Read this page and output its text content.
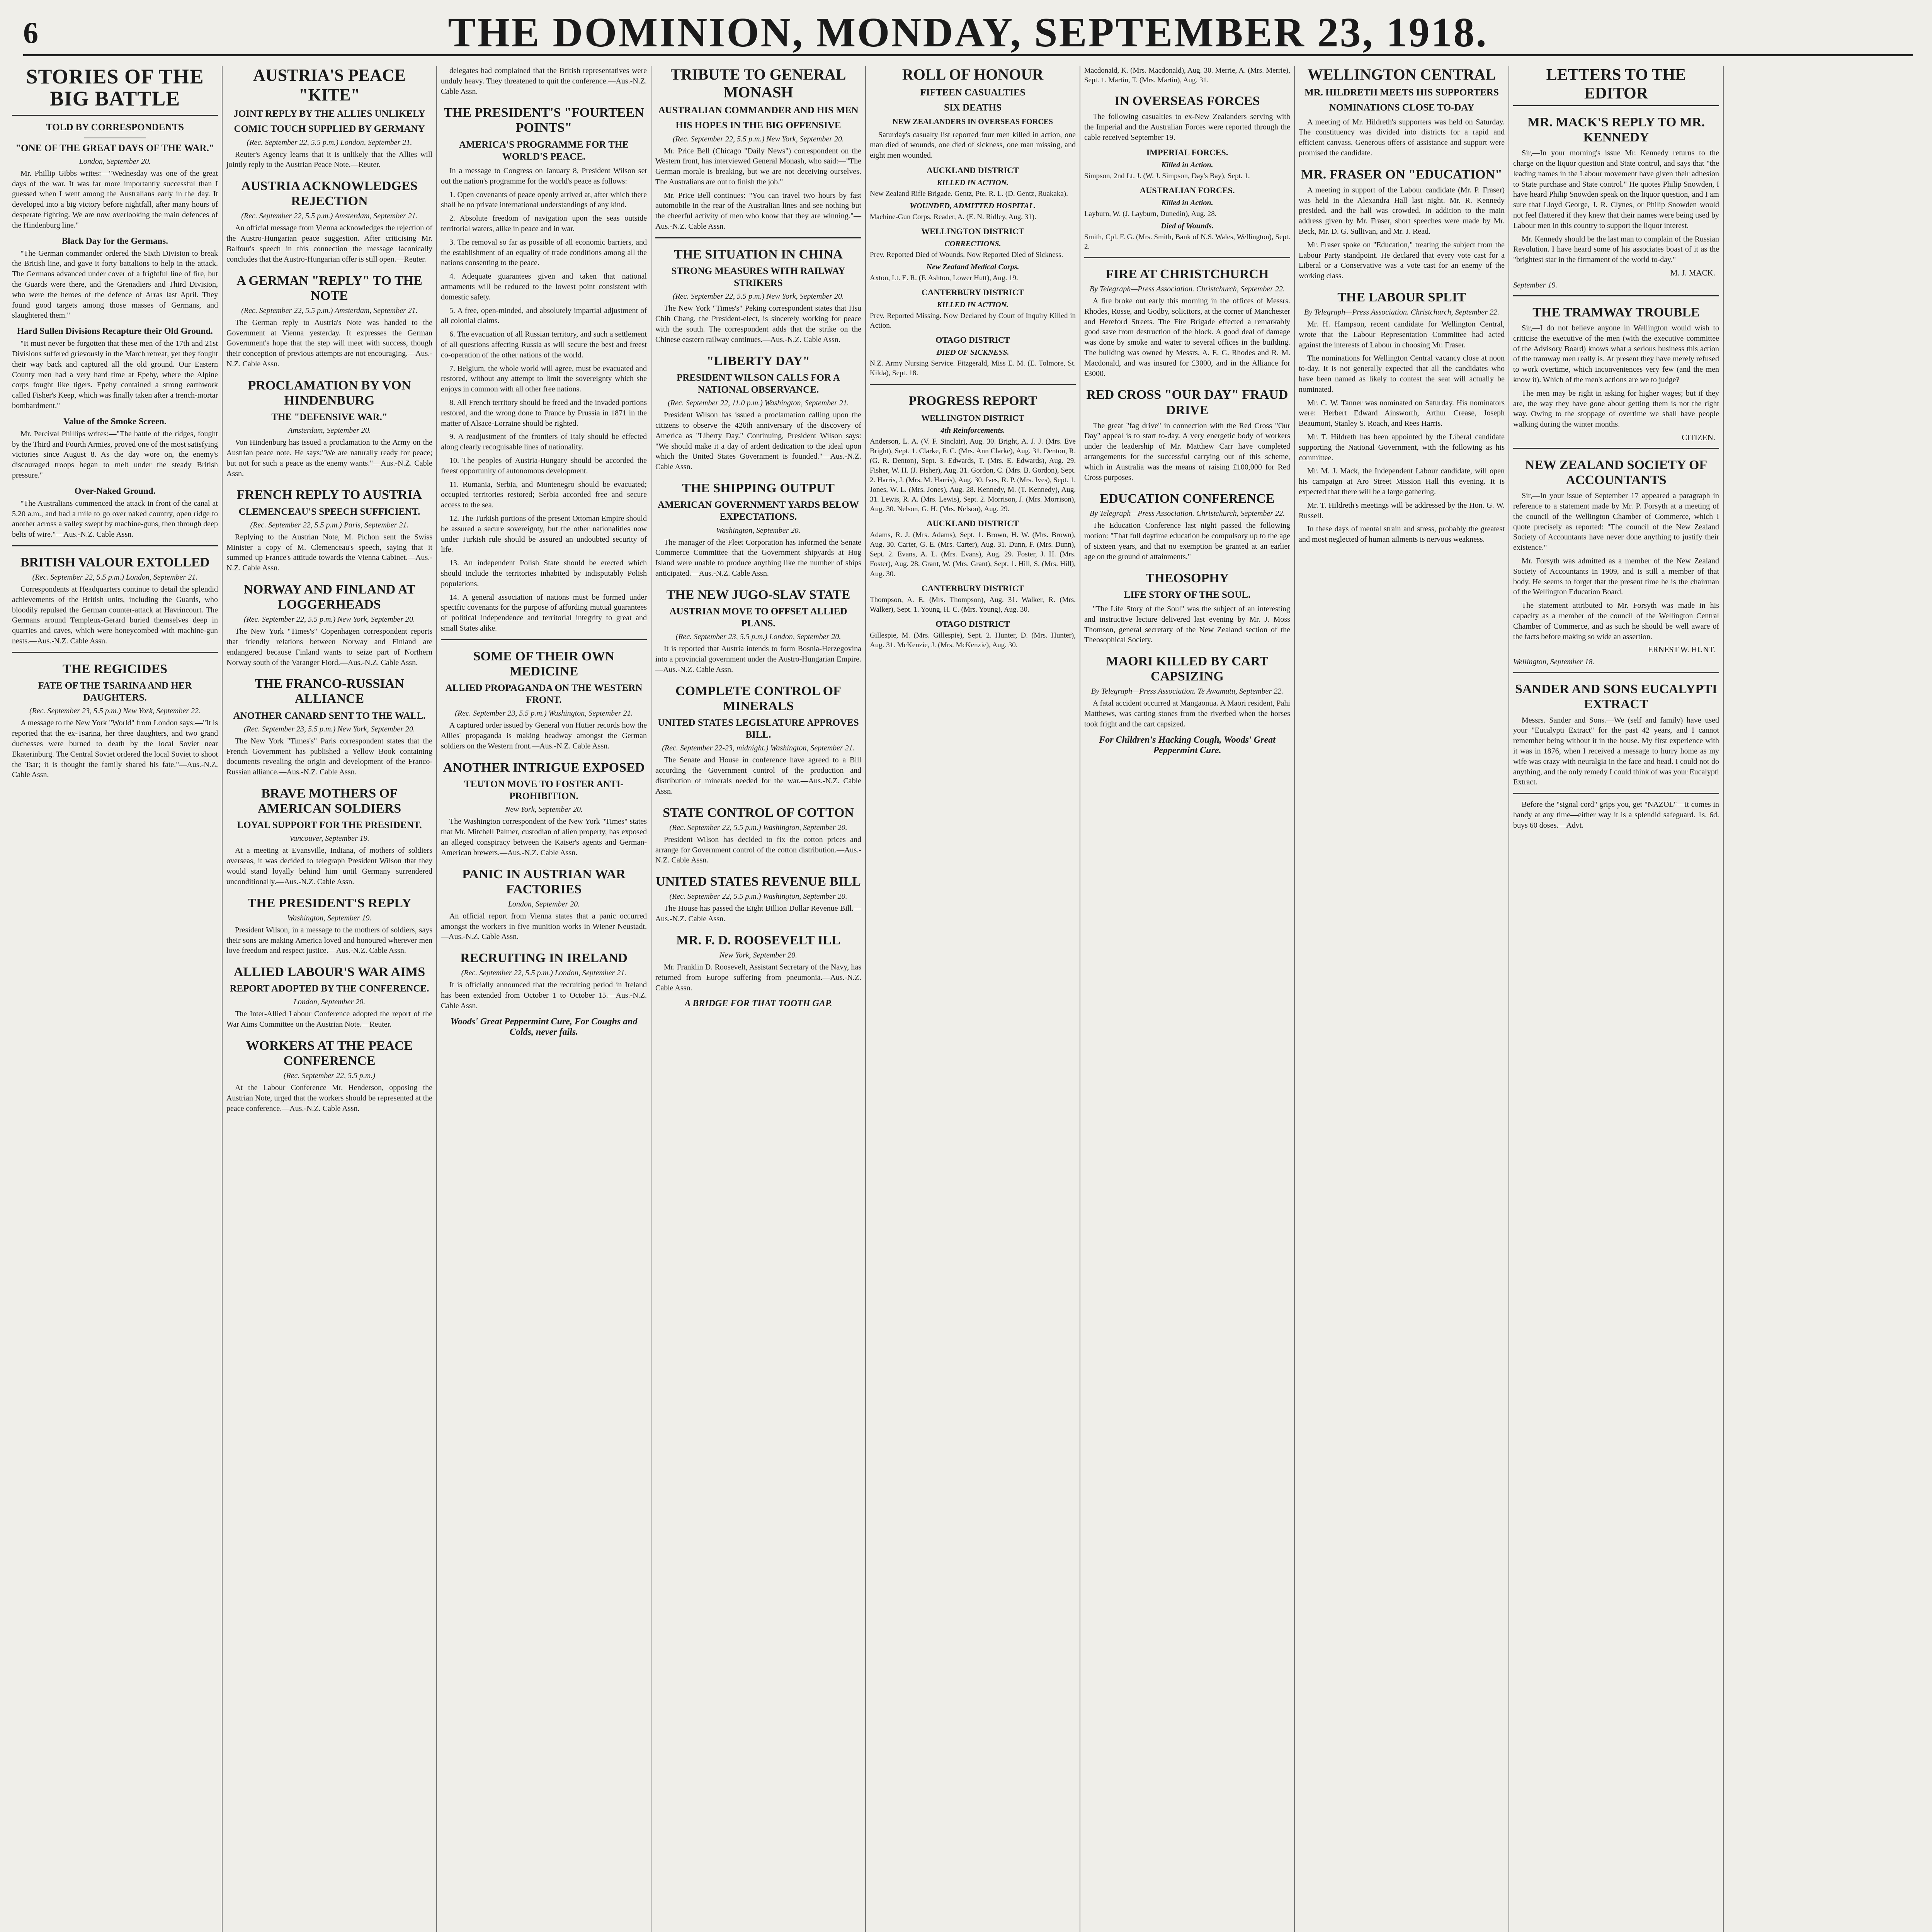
6	THE DOMINION, MONDAY, SEPTEMBER 23, 1918.
STORIES OF THE BIG BATTLE
TOLD BY CORRESPONDENTS
"ONE OF THE GREAT DAYS OF THE WAR."
London, September 20.

Mr. Phillip Gibbs writes:—"Wednesday was one of the great days of the war. It was far more importantly successful than I guessed when I went among the Australians early in the day. It developed into a big victory before nightfall, after many hours of desperate fighting. We are now overlooking the main defences of the Hindenburg line."

Black Day for the Germans.

"The German commander ordered the Sixth Division to break the British line, and gave it forty battalions to help in the attack. The Germans advanced under cover of a frightful line of fire, but the Guards were there, and the Grenadiers and Third Division, who were the heroes of the defence of Arras last April. They found good targets among those masses of Germans, and slaughtered them."

Hard Sullen Divisions Recapture their Old Ground.

"It must never be forgotten that these men of the 17th and 21st Divisions suffered grievously in the March retreat, yet they fought their way back and captured all the old ground. Our Eastern County men had a very hard time at Epehy, where the Alpine corps fought like tigers. Epehy contained a strong earthwork called Fisher's Keep, which was finally taken after a trench-mortar bombardment."

Value of the Smoke Screen.

Mr. Percival Phillips writes:—"The battle of the ridges, fought by the Third and Fourth Armies, proved one of the most satisfying victories since August 8. As the day wore on, the enemy's discouraged troops began to melt under the steady British pressure."

Over-Naked Ground.

"The Australians commenced the attack in front of the canal at 5.20 a.m., and had a mile to go over naked country, open ridge to another across a valley swept by machine-guns, then through deep belts of wire."—Aus.-N.Z. Cable Assn.

BRITISH VALOUR EXTOLLED
(Rec. September 22, 5.5 p.m.) London, September 21.

Correspondents at Headquarters continue to detail the splendid achievements of the British units, including the Guards, who bloodily repulsed the German counter-attack at Havrincourt. The Germans around Templeux-Gerard buried themselves deep in quarries and caves, which were honeycombed with machine-gun nests.—Aus.-N.Z. Cable Assn.

THE REGICIDES
FATE OF THE TSARINA AND HER DAUGHTERS.
(Rec. September 23, 5.5 p.m.) New York, September 22.

A message to the New York "World" from London says:—"It is reported that the ex-Tsarina, her three daughters, and two grand duchesses were burned to death by the local Soviet near Ekaterinburg. The Central Soviet ordered the local Soviet to shoot the Tsar; it is thought the family shared his fate."—Aus.-N.Z. Cable Assn.

AUSTRIA'S PEACE "KITE"
JOINT REPLY BY THE ALLIES UNLIKELY
COMIC TOUCH SUPPLIED BY GERMANY
(Rec. September 22, 5.5 p.m.) London, September 21.

Reuter's Agency learns that it is unlikely that the Allies will jointly reply to the Austrian Peace Note.—Reuter.

AUSTRIA ACKNOWLEDGES REJECTION
(Rec. September 22, 5.5 p.m.) Amsterdam, September 21.

An official message from Vienna acknowledges the rejection of the Austro-Hungarian peace suggestion. After criticising Mr. Balfour's speech in this connection the message laconically concludes that the Austro-Hungarian offer is still open.—Reuter.

A GERMAN "REPLY" TO THE NOTE
(Rec. September 22, 5.5 p.m.) Amsterdam, September 21.

The German reply to Austria's Note was handed to the Government at Vienna yesterday. It expresses the German Government's hope that the step will meet with success, though their conception of previous attempts are not encouraging.—Aus.-N.Z. Cable Assn.

PROCLAMATION BY VON HINDENBURG
THE "DEFENSIVE WAR."
Amsterdam, September 20.

Von Hindenburg has issued a proclamation to the Army on the Austrian peace note. He says:"We are naturally ready for peace; but not for such a peace as the enemy wants."—Aus.-N.Z. Cable Assn.

FRENCH REPLY TO AUSTRIA
CLEMENCEAU'S SPEECH SUFFICIENT.
(Rec. September 22, 5.5 p.m.) Paris, September 21.

Replying to the Austrian Note, M. Pichon sent the Swiss Minister a copy of M. Clemenceau's speech, saying that it summed up France's attitude towards the Vienna Cabinet.—Aus.-N.Z. Cable Assn.

NORWAY AND FINLAND AT LOGGERHEADS
(Rec. September 22, 5.5 p.m.) New York, September 20.

The New York "Times's" Copenhagen correspondent reports that friendly relations between Norway and Finland are endangered because Finland wants to seize part of Northern Norway south of the Varanger Fiord.—Aus.-N.Z. Cable Assn.

THE FRANCO-RUSSIAN ALLIANCE
ANOTHER CANARD SENT TO THE WALL.
(Rec. September 23, 5.5 p.m.) New York, September 20.

The New York "Times's" Paris correspondent states that the French Government has published a Yellow Book containing documents revealing the origin and development of the Franco-Russian alliance.—Aus.-N.Z. Cable Assn.

BRAVE MOTHERS OF AMERICAN SOLDIERS
LOYAL SUPPORT FOR THE PRESIDENT.
Vancouver, September 19.

At a meeting at Evansville, Indiana, of mothers of soldiers overseas, it was decided to telegraph President Wilson that they would stand loyally behind him until Germany surrendered unconditionally.—Aus.-N.Z. Cable Assn.

THE PRESIDENT'S REPLY
Washington, September 19.

President Wilson, in a message to the mothers of soldiers, says their sons are making America loved and honoured wherever men love freedom and respect justice.—Aus.-N.Z. Cable Assn.

ALLIED LABOUR'S WAR AIMS
REPORT ADOPTED BY THE CONFERENCE.
London, September 20.

The Inter-Allied Labour Conference adopted the report of the War Aims Committee on the Austrian Note.—Reuter.

WORKERS AT THE PEACE CONFERENCE
(Rec. September 22, 5.5 p.m.)

At the Labour Conference Mr. Henderson, opposing the Austrian Note, urged that the workers should be represented at the peace conference.—Aus.-N.Z. Cable Assn.

delegates had complained that the British representatives were unduly heavy. They threatened to quit the conference.—Aus.-N.Z. Cable Assn.

THE PRESIDENT'S "FOURTEEN POINTS"
AMERICA'S PROGRAMME FOR THE WORLD'S PEACE.

In a message to Congress on January 8, President Wilson set out the nation's programme for the world's peace as follows:

1. Open covenants of peace openly arrived at, after which there shall be no private international understandings of any kind.

2. Absolute freedom of navigation upon the seas outside territorial waters, alike in peace and in war.

3. The removal so far as possible of all economic barriers, and the establishment of an equality of trade conditions among all the nations consenting to the peace.

4. Adequate guarantees given and taken that national armaments will be reduced to the lowest point consistent with domestic safety.

5. A free, open-minded, and absolutely impartial adjustment of all colonial claims.

6. The evacuation of all Russian territory, and such a settlement of all questions affecting Russia as will secure the best and freest co-operation of the other nations of the world.

7. Belgium, the whole world will agree, must be evacuated and restored, without any attempt to limit the sovereignty which she enjoys in common with all other free nations.

8. All French territory should be freed and the invaded portions restored, and the wrong done to France by Prussia in 1871 in the matter of Alsace-Lorraine should be righted.

9. A readjustment of the frontiers of Italy should be effected along clearly recognisable lines of nationality.

10. The peoples of Austria-Hungary should be accorded the freest opportunity of autonomous development.

11. Rumania, Serbia, and Montenegro should be evacuated; occupied territories restored; Serbia accorded free and secure access to the sea.

12. The Turkish portions of the present Ottoman Empire should be assured a secure sovereignty, but the other nationalities now under Turkish rule should be assured an undoubted security of life.

13. An independent Polish State should be erected which should include the territories inhabited by indisputably Polish populations.

14. A general association of nations must be formed under specific covenants for the purpose of affording mutual guarantees of political independence and territorial integrity to great and small States alike.

SOME OF THEIR OWN MEDICINE
ALLIED PROPAGANDA ON THE WESTERN FRONT.
(Rec. September 23, 5.5 p.m.) Washington, September 21.

A captured order issued by General von Hutier records how the Allies' propaganda is making headway amongst the German soldiers on the Western front.—Aus.-N.Z. Cable Assn.

ANOTHER INTRIGUE EXPOSED
TEUTON MOVE TO FOSTER ANTI-PROHIBITION.
New York, September 20.

The Washington correspondent of the New York "Times" states that Mr. Mitchell Palmer, custodian of alien property, has exposed an alleged conspiracy between the Kaiser's agents and German-American brewers.—Aus.-N.Z. Cable Assn.

PANIC IN AUSTRIAN WAR FACTORIES
London, September 20.

An official report from Vienna states that a panic occurred amongst the workers in five munition works in Wiener Neustadt.—Aus.-N.Z. Cable Assn.

RECRUITING IN IRELAND
(Rec. September 22, 5.5 p.m.) London, September 21.

It is officially announced that the recruiting period in Ireland has been extended from October 1 to October 15.—Aus.-N.Z. Cable Assn.

Woods' Great Peppermint Cure, For Coughs and Colds, never fails.
TRIBUTE TO GENERAL MONASH
AUSTRALIAN COMMANDER AND HIS MEN
HIS HOPES IN THE BIG OFFENSIVE
(Rec. September 22, 5.5 p.m.) New York, September 20.

Mr. Price Bell (Chicago "Daily News") correspondent on the Western front, has interviewed General Monash, who said:—"The German morale is breaking, but we are not deceiving ourselves. The Australians are out to finish the job."

Mr. Price Bell continues: "You can travel two hours by fast automobile in the rear of the Australian lines and see nothing but the cheerful activity of men who know that they are winning."—Aus.-N.Z. Cable Assn.

THE SITUATION IN CHINA
STRONG MEASURES WITH RAILWAY STRIKERS
(Rec. September 22, 5.5 p.m.) New York, September 20.

The New York "Times's" Peking correspondent states that Hsu Chih Chang, the President-elect, is sincerely working for peace with the south. The correspondent adds that the strike on the Chinese eastern railway continues.—Aus.-N.Z. Cable Assn.

"LIBERTY DAY"
PRESIDENT WILSON CALLS FOR A NATIONAL OBSERVANCE.
(Rec. September 22, 11.0 p.m.) Washington, September 21.

President Wilson has issued a proclamation calling upon the citizens to observe the 426th anniversary of the discovery of America as "Liberty Day." Continuing, President Wilson says: "We should make it a day of ardent dedication to the ideal upon which the United States Government is founded."—Aus.-N.Z. Cable Assn.

THE SHIPPING OUTPUT
AMERICAN GOVERNMENT YARDS BELOW EXPECTATIONS.
Washington, September 20.

The manager of the Fleet Corporation has informed the Senate Commerce Committee that the Government shipyards at Hog Island were unable to produce anything like the number of ships anticipated.—Aus.-N.Z. Cable Assn.

THE NEW JUGO-SLAV STATE
AUSTRIAN MOVE TO OFFSET ALLIED PLANS.
(Rec. September 23, 5.5 p.m.) London, September 20.

It is reported that Austria intends to form Bosnia-Herzegovina into a provincial government under the Austro-Hungarian Empire.—Aus.-N.Z. Cable Assn.

COMPLETE CONTROL OF MINERALS
UNITED STATES LEGISLATURE APPROVES BILL.
(Rec. September 22-23, midnight.) Washington, September 21.

The Senate and House in conference have agreed to a Bill according the Government control of the production and distribution of minerals needed for the war.—Aus.-N.Z. Cable Assn.

STATE CONTROL OF COTTON
(Rec. September 22, 5.5 p.m.) Washington, September 20.

President Wilson has decided to fix the cotton prices and arrange for Government control of the cotton distribution.—Aus.-N.Z. Cable Assn.

UNITED STATES REVENUE BILL
(Rec. September 22, 5.5 p.m.) Washington, September 20.

The House has passed the Eight Billion Dollar Revenue Bill.—Aus.-N.Z. Cable Assn.

MR. F. D. ROOSEVELT ILL
New York, September 20.

Mr. Franklin D. Roosevelt, Assistant Secretary of the Navy, has returned from Europe suffering from pneumonia.—Aus.-N.Z. Cable Assn.

A BRIDGE FOR THAT TOOTH GAP.
ROLL OF HONOUR
FIFTEEN CASUALTIES
SIX DEATHS
NEW ZEALANDERS IN OVERSEAS FORCES

Saturday's casualty list reported four men killed in action, one man died of wounds, one died of sickness, one man missing, and eight men wounded.

AUCKLAND DISTRICT
KILLED IN ACTION.

New Zealand Rifle Brigade. Gentz, Pte. R. L. (D. Gentz, Ruakaka).

WOUNDED, ADMITTED HOSPITAL.

Machine-Gun Corps. Reader, A. (E. N. Ridley, Aug. 31).

WELLINGTON DISTRICT
CORRECTIONS.

Prev. Reported Died of Wounds. Now Reported Died of Sickness.

New Zealand Medical Corps.

Axton, Lt. E. R. (F. Ashton, Lower Hutt), Aug. 19.

CANTERBURY DISTRICT
KILLED IN ACTION.

Prev. Reported Missing. Now Declared by Court of Inquiry Killed in Action.

OTAGO DISTRICT
DIED OF SICKNESS.

N.Z. Army Nursing Service. Fitzgerald, Miss E. M. (E. Tolmore, St. Kilda), Sept. 18.

PROGRESS REPORT
WELLINGTON DISTRICT
4th Reinforcements.

Anderson, L. A. (V. F. Sinclair), Aug. 30. Bright, A. J. J. (Mrs. Eve Bright), Sept. 1. Clarke, F. C. (Mrs. Ann Clarke), Aug. 31. Denton, R. (G. R. Denton), Sept. 3. Edwards, T. (Mrs. E. Edwards), Aug. 29. Fisher, W. H. (J. Fisher), Aug. 31. Gordon, C. (Mrs. B. Gordon), Sept. 2. Harris, J. (Mrs. M. Harris), Aug. 30. Ives, R. P. (Mrs. Ives), Sept. 1. Jones, W. L. (Mrs. Jones), Aug. 28. Kennedy, M. (T. Kennedy), Aug. 31. Lewis, R. A. (Mrs. Lewis), Sept. 2. Morrison, J. (Mrs. Morrison), Aug. 30. Nelson, G. H. (Mrs. Nelson), Aug. 29.

AUCKLAND DISTRICT

Adams, R. J. (Mrs. Adams), Sept. 1. Brown, H. W. (Mrs. Brown), Aug. 30. Carter, G. E. (Mrs. Carter), Aug. 31. Dunn, F. (Mrs. Dunn), Sept. 2. Evans, A. L. (Mrs. Evans), Aug. 29. Foster, J. H. (Mrs. Foster), Aug. 28. Grant, W. (Mrs. Grant), Sept. 1. Hill, S. (Mrs. Hill), Aug. 30.

CANTERBURY DISTRICT

Thompson, A. E. (Mrs. Thompson), Aug. 31. Walker, R. (Mrs. Walker), Sept. 1. Young, H. C. (Mrs. Young), Aug. 30.

OTAGO DISTRICT

Gillespie, M. (Mrs. Gillespie), Sept. 2. Hunter, D. (Mrs. Hunter), Aug. 31. McKenzie, J. (Mrs. McKenzie), Aug. 30.

Macdonald, K. (Mrs. Macdonald), Aug. 30. Merrie, A. (Mrs. Merrie), Sept. 1. Martin, T. (Mrs. Martin), Aug. 31.

IN OVERSEAS FORCES

The following casualties to ex-New Zealanders serving with the Imperial and the Australian Forces were reported through the cable received September 19.

IMPERIAL FORCES.
Killed in Action.

Simpson, 2nd Lt. J. (W. J. Simpson, Day's Bay), Sept. 1.

AUSTRALIAN FORCES.
Killed in Action.

Layburn, W. (J. Layburn, Dunedin), Aug. 28.

Died of Wounds.

Smith, Cpl. F. G. (Mrs. Smith, Bank of N.S. Wales, Wellington), Sept. 2.

FIRE AT CHRISTCHURCH
By Telegraph—Press Association. Christchurch, September 22.

A fire broke out early this morning in the offices of Messrs. Rhodes, Rosse, and Godby, solicitors, at the corner of Manchester and Hereford Streets. The Fire Brigade effected a remarkably good save from destruction of the block. A good deal of damage was done by smoke and water to several offices in the building. The building was owned by Messrs. A. E. G. Rhodes and R. M. Macdonald, and was insured for £3000, and in the Alliance for £3000.

RED CROSS "OUR DAY" FRAUD DRIVE

The great "fag drive" in connection with the Red Cross "Our Day" appeal is to start to-day. A very energetic body of workers under the leadership of Mr. Matthew Carr have completed arrangements for the successful carrying out of this scheme, which in Australia was the means of raising £100,000 for Red Cross purposes.

EDUCATION CONFERENCE
By Telegraph—Press Association. Christchurch, September 22.

The Education Conference last night passed the following motion: "That full daytime education be compulsory up to the age of sixteen years, and that no exemption be granted at an earlier age on the ground of attainments."

THEOSOPHY
LIFE STORY OF THE SOUL.

"The Life Story of the Soul" was the subject of an interesting and instructive lecture delivered last evening by Mr. J. Moss Thomson, general secretary of the New Zealand section of the Theosophical Society.

MAORI KILLED BY CART CAPSIZING
By Telegraph—Press Association. Te Awamutu, September 22.

A fatal accident occurred at Mangaonua. A Maori resident, Pahi Matthews, was carting stones from the riverbed when the horses took fright and the cart capsized.

For Children's Hacking Cough, Woods' Great Peppermint Cure.
WELLINGTON CENTRAL
MR. HILDRETH MEETS HIS SUPPORTERS
NOMINATIONS CLOSE TO-DAY

A meeting of Mr. Hildreth's supporters was held on Saturday. The constituency was divided into districts for a rapid and efficient canvass. Generous offers of assistance and support were promised the candidate.

MR. FRASER ON "EDUCATION"

A meeting in support of the Labour candidate (Mr. P. Fraser) was held in the Alexandra Hall last night. Mr. R. Kennedy presided, and the hall was crowded. In addition to the main address given by Mr. Fraser, short speeches were made by Mr. Beck, Mr. D. G. Sullivan, and Mr. J. Read.

Mr. Fraser spoke on "Education," treating the subject from the Labour Party standpoint. He declared that every vote cast for a Liberal or a Conservative was a vote cast for an enemy of the working class.

THE LABOUR SPLIT
By Telegraph—Press Association. Christchurch, September 22.

Mr. H. Hampson, recent candidate for Wellington Central, wrote that the Labour Representation Committee had acted against the interests of Labour in choosing Mr. Fraser.

The nominations for Wellington Central vacancy close at noon to-day. It is not generally expected that all the candidates who have been named as likely to contest the seat will actually be nominated.

Mr. C. W. Tanner was nominated on Saturday. His nominators were: Herbert Edward Ainsworth, Arthur Crease, Joseph Beaumont, Stanley S. Roach, and Rees Harris.

Mr. T. Hildreth has been appointed by the Liberal candidate supporting the National Government, with the following as his committee.

Mr. M. J. Mack, the Independent Labour candidate, will open his campaign at Aro Street Mission Hall this evening. It is expected that there will be a large gathering.

Mr. T. Hildreth's meetings will be addressed by the Hon. G. W. Russell.

In these days of mental strain and stress, probably the greatest and most neglected of human ailments is nervous weakness.

LETTERS TO THE EDITOR
MR. MACK'S REPLY TO MR. KENNEDY

Sir,—In your morning's issue Mr. Kennedy returns to the charge on the liquor question and State control, and says that "the leading names in the Labour movement have given their adhesion to State purchase and State control." He quotes Philip Snowden, I have heard Philip Snowden speak on the liquor question, and I am sure that Lloyd George, J. R. Clynes, or Philip Snowden would not feel flattered if they knew that their names were being used by Labour men in this country to support the liquor interest.

Mr. Kennedy should be the last man to complain of the Russian Revolution. I have heard some of his associates boast of it as the "brightest star in the firmament of the world to-day."

M. J. MACK.
September 19.
THE TRAMWAY TROUBLE

Sir,—I do not believe anyone in Wellington would wish to criticise the executive of the men (with the executive committee of the Advisory Board) knows what a serious business this action of the tramway men really is. At present they have merely refused to work overtime, which inconveniences very few (and the men know it). Which of the men's actions are we to judge?

The men may be right in asking for higher wages; but if they are, the way they have gone about getting them is not the right way. Owing to the stoppage of overtime we shall have people walking during the winter months.

CITIZEN.
NEW ZEALAND SOCIETY OF ACCOUNTANTS

Sir,—In your issue of September 17 appeared a paragraph in reference to a statement made by Mr. P. Forsyth at a meeting of the council of the Wellington Chamber of Commerce, which I quote precisely as reported: "The council of the New Zealand Society of Accountants have never done anything to justify their existence."

Mr. Forsyth was admitted as a member of the New Zealand Society of Accountants in 1909, and is still a member of that body. He seems to forget that the present time he is the chairman of the Wellington Education Board.

The statement attributed to Mr. Forsyth was made in his capacity as a member of the council of the Wellington Central Chamber of Commerce, and as such he should be well aware of the facts before making so wide an assertion.

ERNEST W. HUNT.
Wellington, September 18.
SANDER AND SONS EUCALYPTI EXTRACT

Messrs. Sander and Sons.—We (self and family) have used your "Eucalypti Extract" for the past 42 years, and I cannot remember being without it in the house. My first experience with it was in 1876, when I received a message to hurry home as my wife was crazy with neuralgia in the face and head. I could not do anything, and the only remedy I could think of was your Eucalypti Extract.

Before the "signal cord" grips you, get "NAZOL"—it comes in handy at any time—either way it is a splendid safeguard. 1s. 6d. buys 60 doses.—Advt.
